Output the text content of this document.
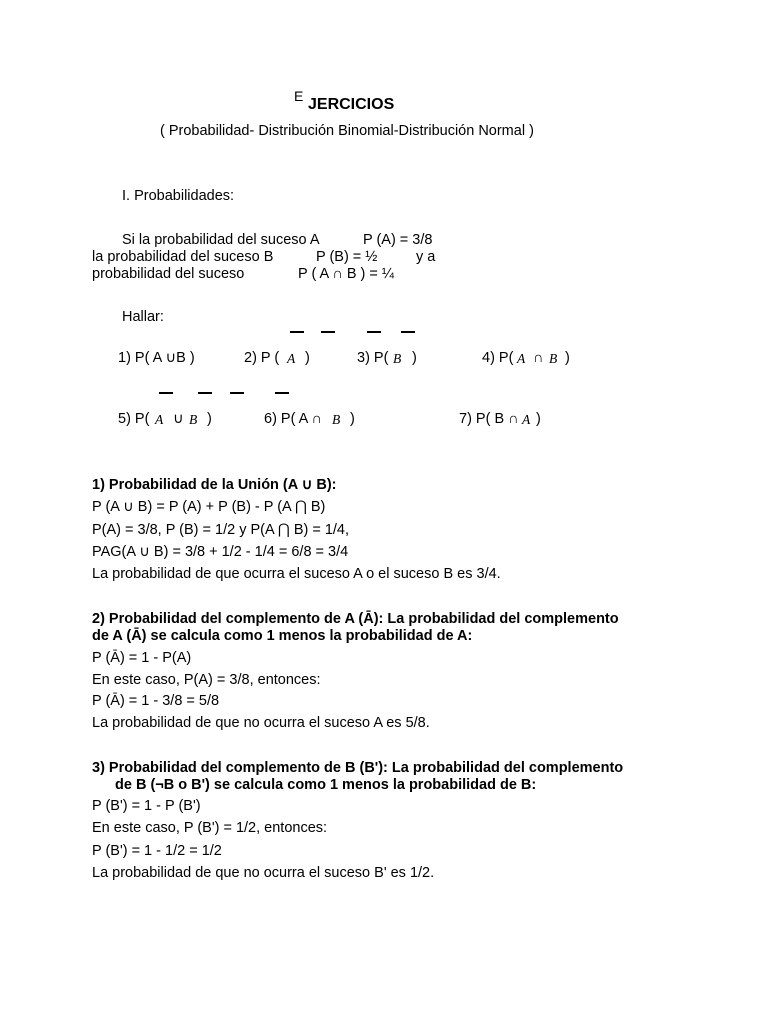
E JERCICIOS
( Probabilidad- Distribución Binomial-Distribución Normal )
I. Probabilidades:
Si la probabilidad del suceso A	P (A) = 3/8
la probabilidad del suceso B	P (B) = ½	y a
probabilidad del suceso	P ( A ∩ B ) = ¼
Hallar:
1) P( A ∪B )	2) P ( A )	3) P( B )	4) P( A ∩ B )
5) P( A ∪ B )	6) P( A ∩ B )	7) P( B ∩ A )
1) Probabilidad de la Unión (A ∪ B):
P (A ∪ B) = P (A) + P (B) - P (A ⋂ B)
P(A) = 3/8, P (B) = 1/2 y P(A ⋂ B) = 1/4,
PAG(A ∪ B) = 3/8 + 1/2 - 1/4 = 6/8 = 3/4
La probabilidad de que ocurra el suceso A o el suceso B es 3/4.
2) Probabilidad del complemento de A (Ā): La probabilidad del complemento
de A (Ā) se calcula como 1 menos la probabilidad de A:
P (Ā) = 1 - P(A)
En este caso, P(A) = 3/8, entonces:
P (Ā) = 1 - 3/8 = 5/8
La probabilidad de que no ocurra el suceso A es 5/8.
3) Probabilidad del complemento de B (B'): La probabilidad del complemento
de B (¬B o B') se calcula como 1 menos la probabilidad de B:
P (B') = 1 - P (B')
En este caso, P (B') = 1/2, entonces:
P (B') = 1 - 1/2 = 1/2
La probabilidad de que no ocurra el suceso B' es 1/2.
